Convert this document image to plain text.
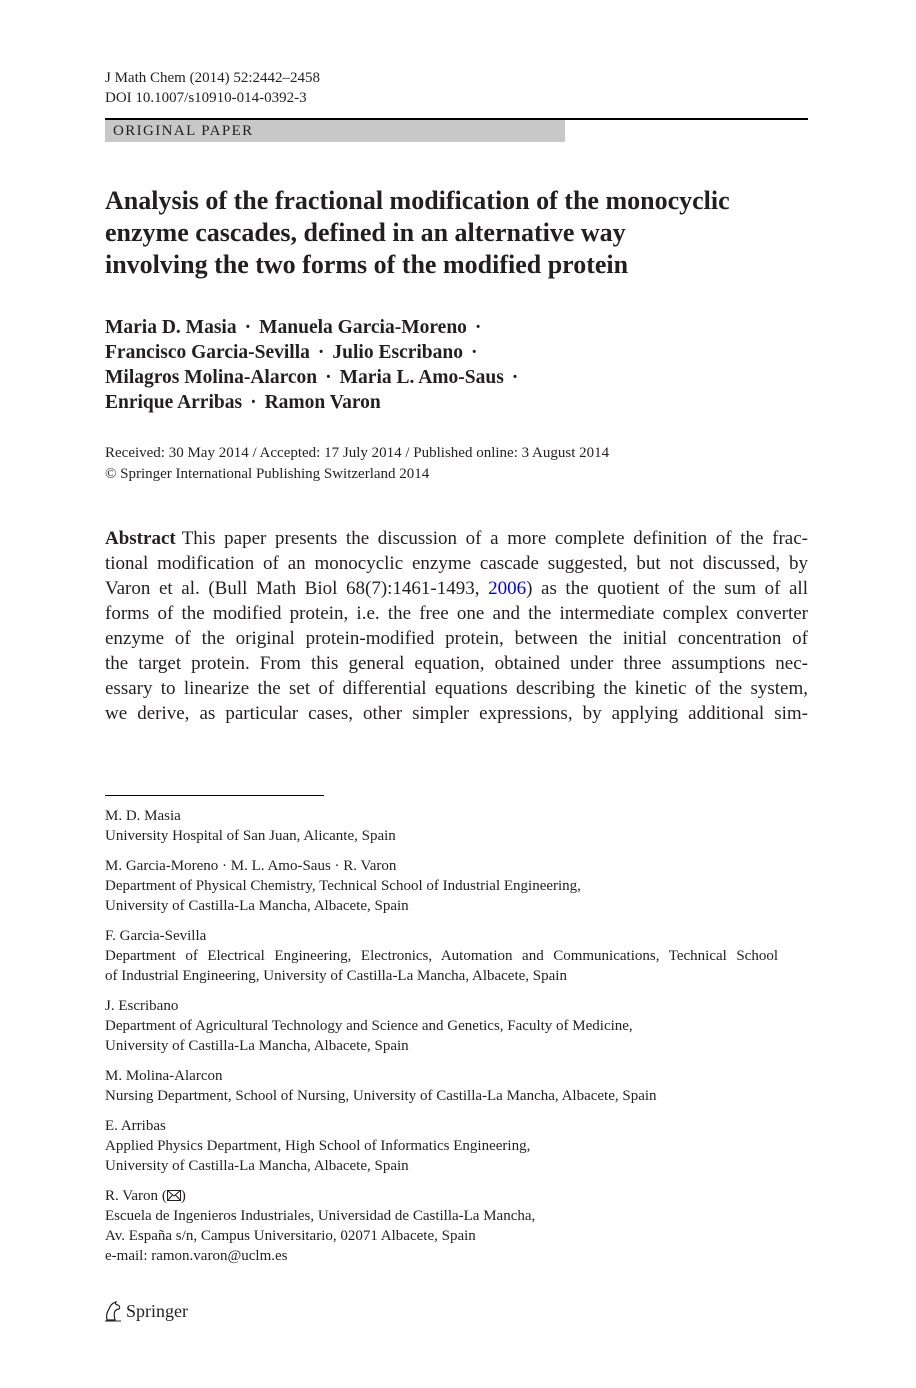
J Math Chem (2014) 52:2442–2458
DOI 10.1007/s10910-014-0392-3
ORIGINAL PAPER
Analysis of the fractional modification of the monocyclic
enzyme cascades, defined in an alternative way
involving the two forms of the modified protein
Maria D. Masia · Manuela Garcia-Moreno ·
Francisco Garcia-Sevilla · Julio Escribano ·
Milagros Molina-Alarcon · Maria L. Amo-Saus ·
Enrique Arribas · Ramon Varon
Received: 30 May 2014 / Accepted: 17 July 2014 / Published online: 3 August 2014
© Springer International Publishing Switzerland 2014
Abstract This paper presents the discussion of a more complete definition of the frac-
tional modification of an monocyclic enzyme cascade suggested, but not discussed, by
Varon et al. (Bull Math Biol 68(7):1461-1493, 2006) as the quotient of the sum of all
forms of the modified protein, i.e. the free one and the intermediate complex converter
enzyme of the original protein-modified protein, between the initial concentration of
the target protein. From this general equation, obtained under three assumptions nec-
essary to linearize the set of differential equations describing the kinetic of the system,
we derive, as particular cases, other simpler expressions, by applying additional sim-
M. D. Masia
University Hospital of San Juan, Alicante, Spain
M. Garcia-Moreno · M. L. Amo-Saus · R. Varon
Department of Physical Chemistry, Technical School of Industrial Engineering,
University of Castilla-La Mancha, Albacete, Spain
F. Garcia-Sevilla
Department of Electrical Engineering, Electronics, Automation and Communications, Technical School
of Industrial Engineering, University of Castilla-La Mancha, Albacete, Spain
J. Escribano
Department of Agricultural Technology and Science and Genetics, Faculty of Medicine,
University of Castilla-La Mancha, Albacete, Spain
M. Molina-Alarcon
Nursing Department, School of Nursing, University of Castilla-La Mancha, Albacete, Spain
E. Arribas
Applied Physics Department, High School of Informatics Engineering,
University of Castilla-La Mancha, Albacete, Spain
R. Varon ( )
Escuela de Ingenieros Industriales, Universidad de Castilla-La Mancha,
Av. España s/n, Campus Universitario, 02071 Albacete, Spain
e-mail: ramon.varon@uclm.es
Springer
